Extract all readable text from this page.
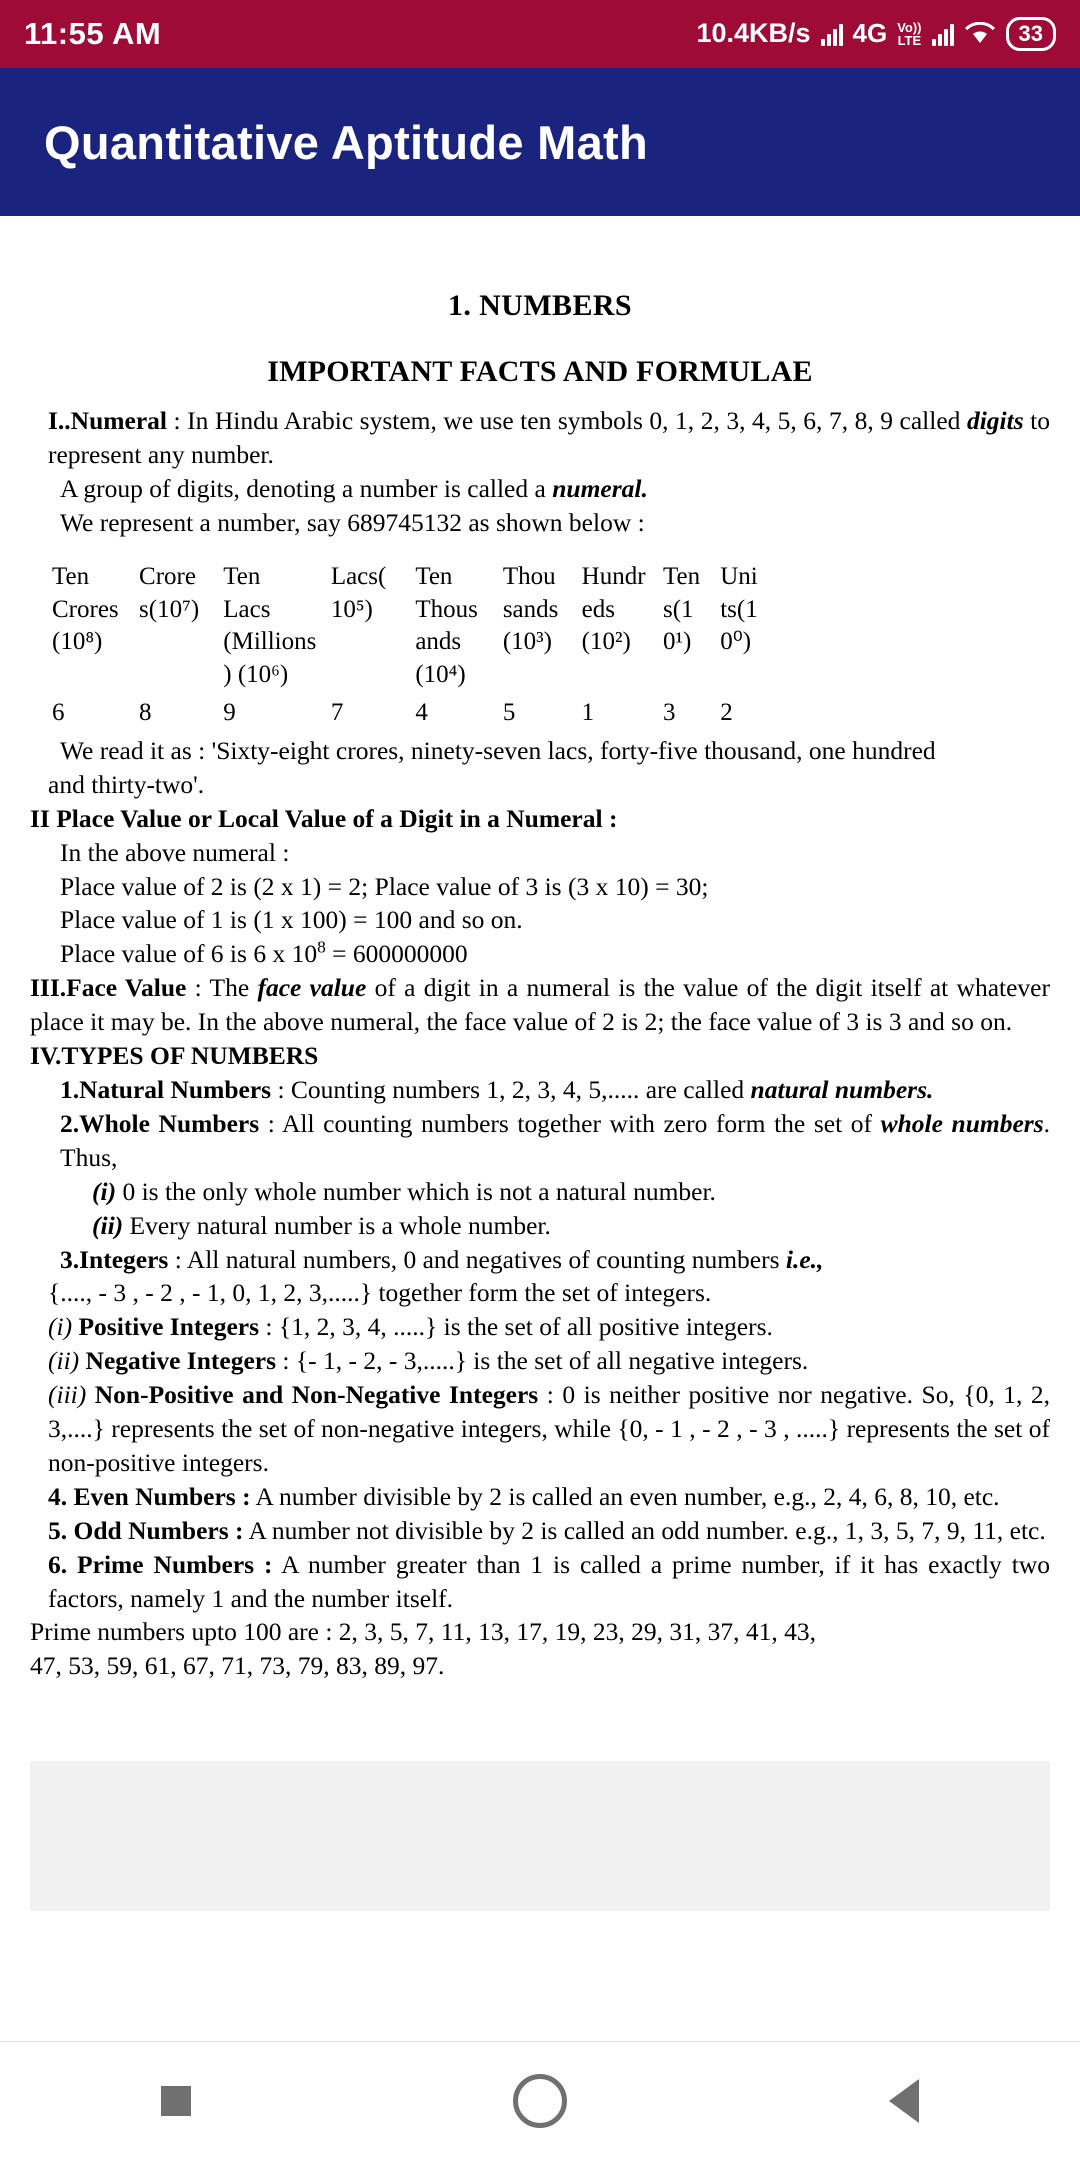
11:55 AM	10.4KB/s 4G Vo))
LTE	33
Quantitative Aptitude Math
1. NUMBERS
IMPORTANT FACTS AND FORMULAE

I..Numeral : In Hindu Arabic system, we use ten symbols 0, 1, 2, 3, 4, 5, 6, 7, 8, 9 called digits to represent any number.

A group of digits, denoting a number is called a numeral.

We represent a number, say 689745132 as shown below :

Ten	Crore	Ten	Lacs(	Ten	Thou	Hundr	Ten	Uni
Crores	s(10⁷)	Lacs	10⁵)	Thous	sands	eds	s(1	ts(1
(10⁸)		(Millions		ands	(10³)	(10²)	0¹)	0⁰)
		) (10⁶)		(10⁴)				
6	8	9	7	4	5	1	3	2

We read it as : 'Sixty-eight crores, ninety-seven lacs, forty-five thousand, one hundred

and thirty-two'.

II Place Value or Local Value of a Digit in a Numeral :

In the above numeral :

Place value of 2 is (2 x 1) = 2; Place value of 3 is (3 x 10) = 30;

Place value of 1 is (1 x 100) = 100 and so on.

Place value of 6 is 6 x $10^8 = 600000000$

III.Face Value : The face value of a digit in a numeral is the value of the digit itself at whatever place it may be. In the above numeral, the face value of 2 is 2; the face value of 3 is 3 and so on.

IV.TYPES OF NUMBERS

1.Natural Numbers : Counting numbers 1, 2, 3, 4, 5,..... are called natural numbers.

2.Whole Numbers : All counting numbers together with zero form the set of whole numbers. Thus,

(i) 0 is the only whole number which is not a natural number.

(ii) Every natural number is a whole number.

3.Integers : All natural numbers, 0 and negatives of counting numbers i.e.,

{...., - 3 , - 2 , - 1, 0, 1, 2, 3,.....} together form the set of integers.

(i) Positive Integers : {1, 2, 3, 4, .....} is the set of all positive integers.

(ii) Negative Integers : {- 1, - 2, - 3,.....} is the set of all negative integers.

(iii) Non-Positive and Non-Negative Integers : 0 is neither positive nor negative. So, {0, 1, 2, 3,....} represents the set of non-negative integers, while {0, - 1 , - 2 , - 3 , .....} represents the set of non-positive integers.

4. Even Numbers : A number divisible by 2 is called an even number, e.g., 2, 4, 6, 8, 10, etc.

5. Odd Numbers : A number not divisible by 2 is called an odd number. e.g., 1, 3, 5, 7, 9, 11, etc.

6. Prime Numbers : A number greater than 1 is called a prime number, if it has exactly two factors, namely 1 and the number itself.

Prime numbers upto 100 are : 2, 3, 5, 7, 11, 13, 17, 19, 23, 29, 31, 37, 41, 43,

47, 53, 59, 61, 67, 71, 73, 79, 83, 89, 97.
